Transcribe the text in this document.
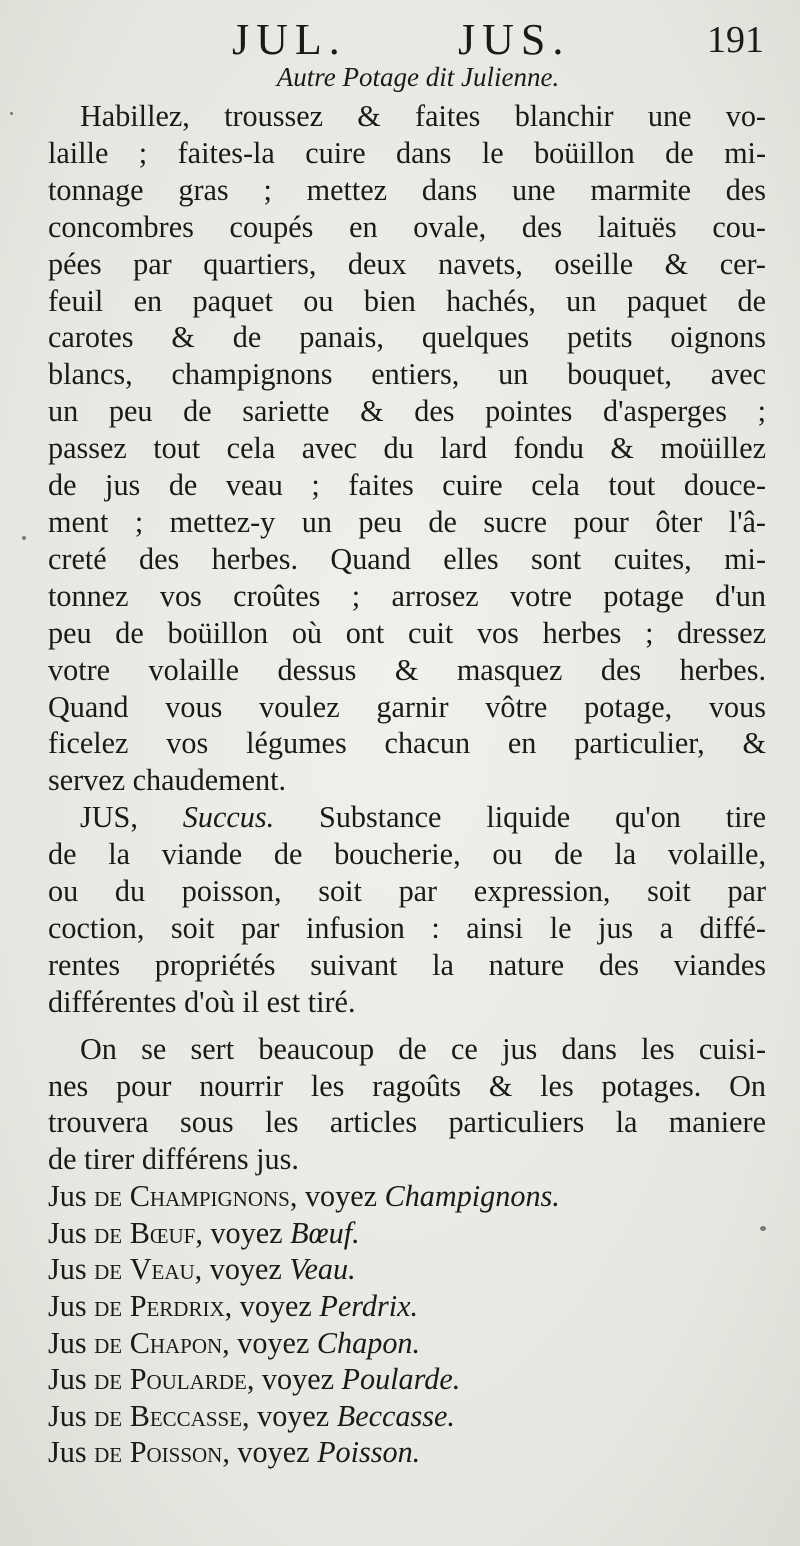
JUL.	JUS.	191
Autre Potage dit Julienne.
Habillez, troussez & faites blanchir une vo-
laille ; faites-la cuire dans le boüillon de mi-
tonnage gras ; mettez dans une marmite des
concombres coupés en ovale, des laituës cou-
pées par quartiers, deux navets, oseille & cer-
feuil en paquet ou bien hachés, un paquet de
carotes & de panais, quelques petits oignons
blancs, champignons entiers, un bouquet, avec
un peu de sariette & des pointes d'asperges ;
passez tout cela avec du lard fondu & moüillez
de jus de veau ; faites cuire cela tout douce-
ment ; mettez-y un peu de sucre pour ôter l'â-
creté des herbes. Quand elles sont cuites, mi-
tonnez vos croûtes ; arrosez votre potage d'un
peu de boüillon où ont cuit vos herbes ; dressez
votre volaille dessus & masquez des herbes.
Quand vous voulez garnir vôtre potage, vous
ficelez vos légumes chacun en particulier, &
servez chaudement.
JUS, Succus. Substance liquide qu'on tire
de la viande de boucherie, ou de la volaille,
ou du poisson, soit par expression, soit par
coction, soit par infusion : ainsi le jus a diffé-
rentes propriétés suivant la nature des viandes
différentes d'où il est tiré.
On se sert beaucoup de ce jus dans les cuisi-
nes pour nourrir les ragoûts & les potages. On
trouvera sous les articles particuliers la maniere
de tirer différens jus.
Jus de Champignons, voyez Champignons.
Jus de Bœuf, voyez Bœuf.
Jus de Veau, voyez Veau.
Jus de Perdrix, voyez Perdrix.
Jus de Chapon, voyez Chapon.
Jus de Poularde, voyez Poularde.
Jus de Beccasse, voyez Beccasse.
Jus de Poisson, voyez Poisson.
